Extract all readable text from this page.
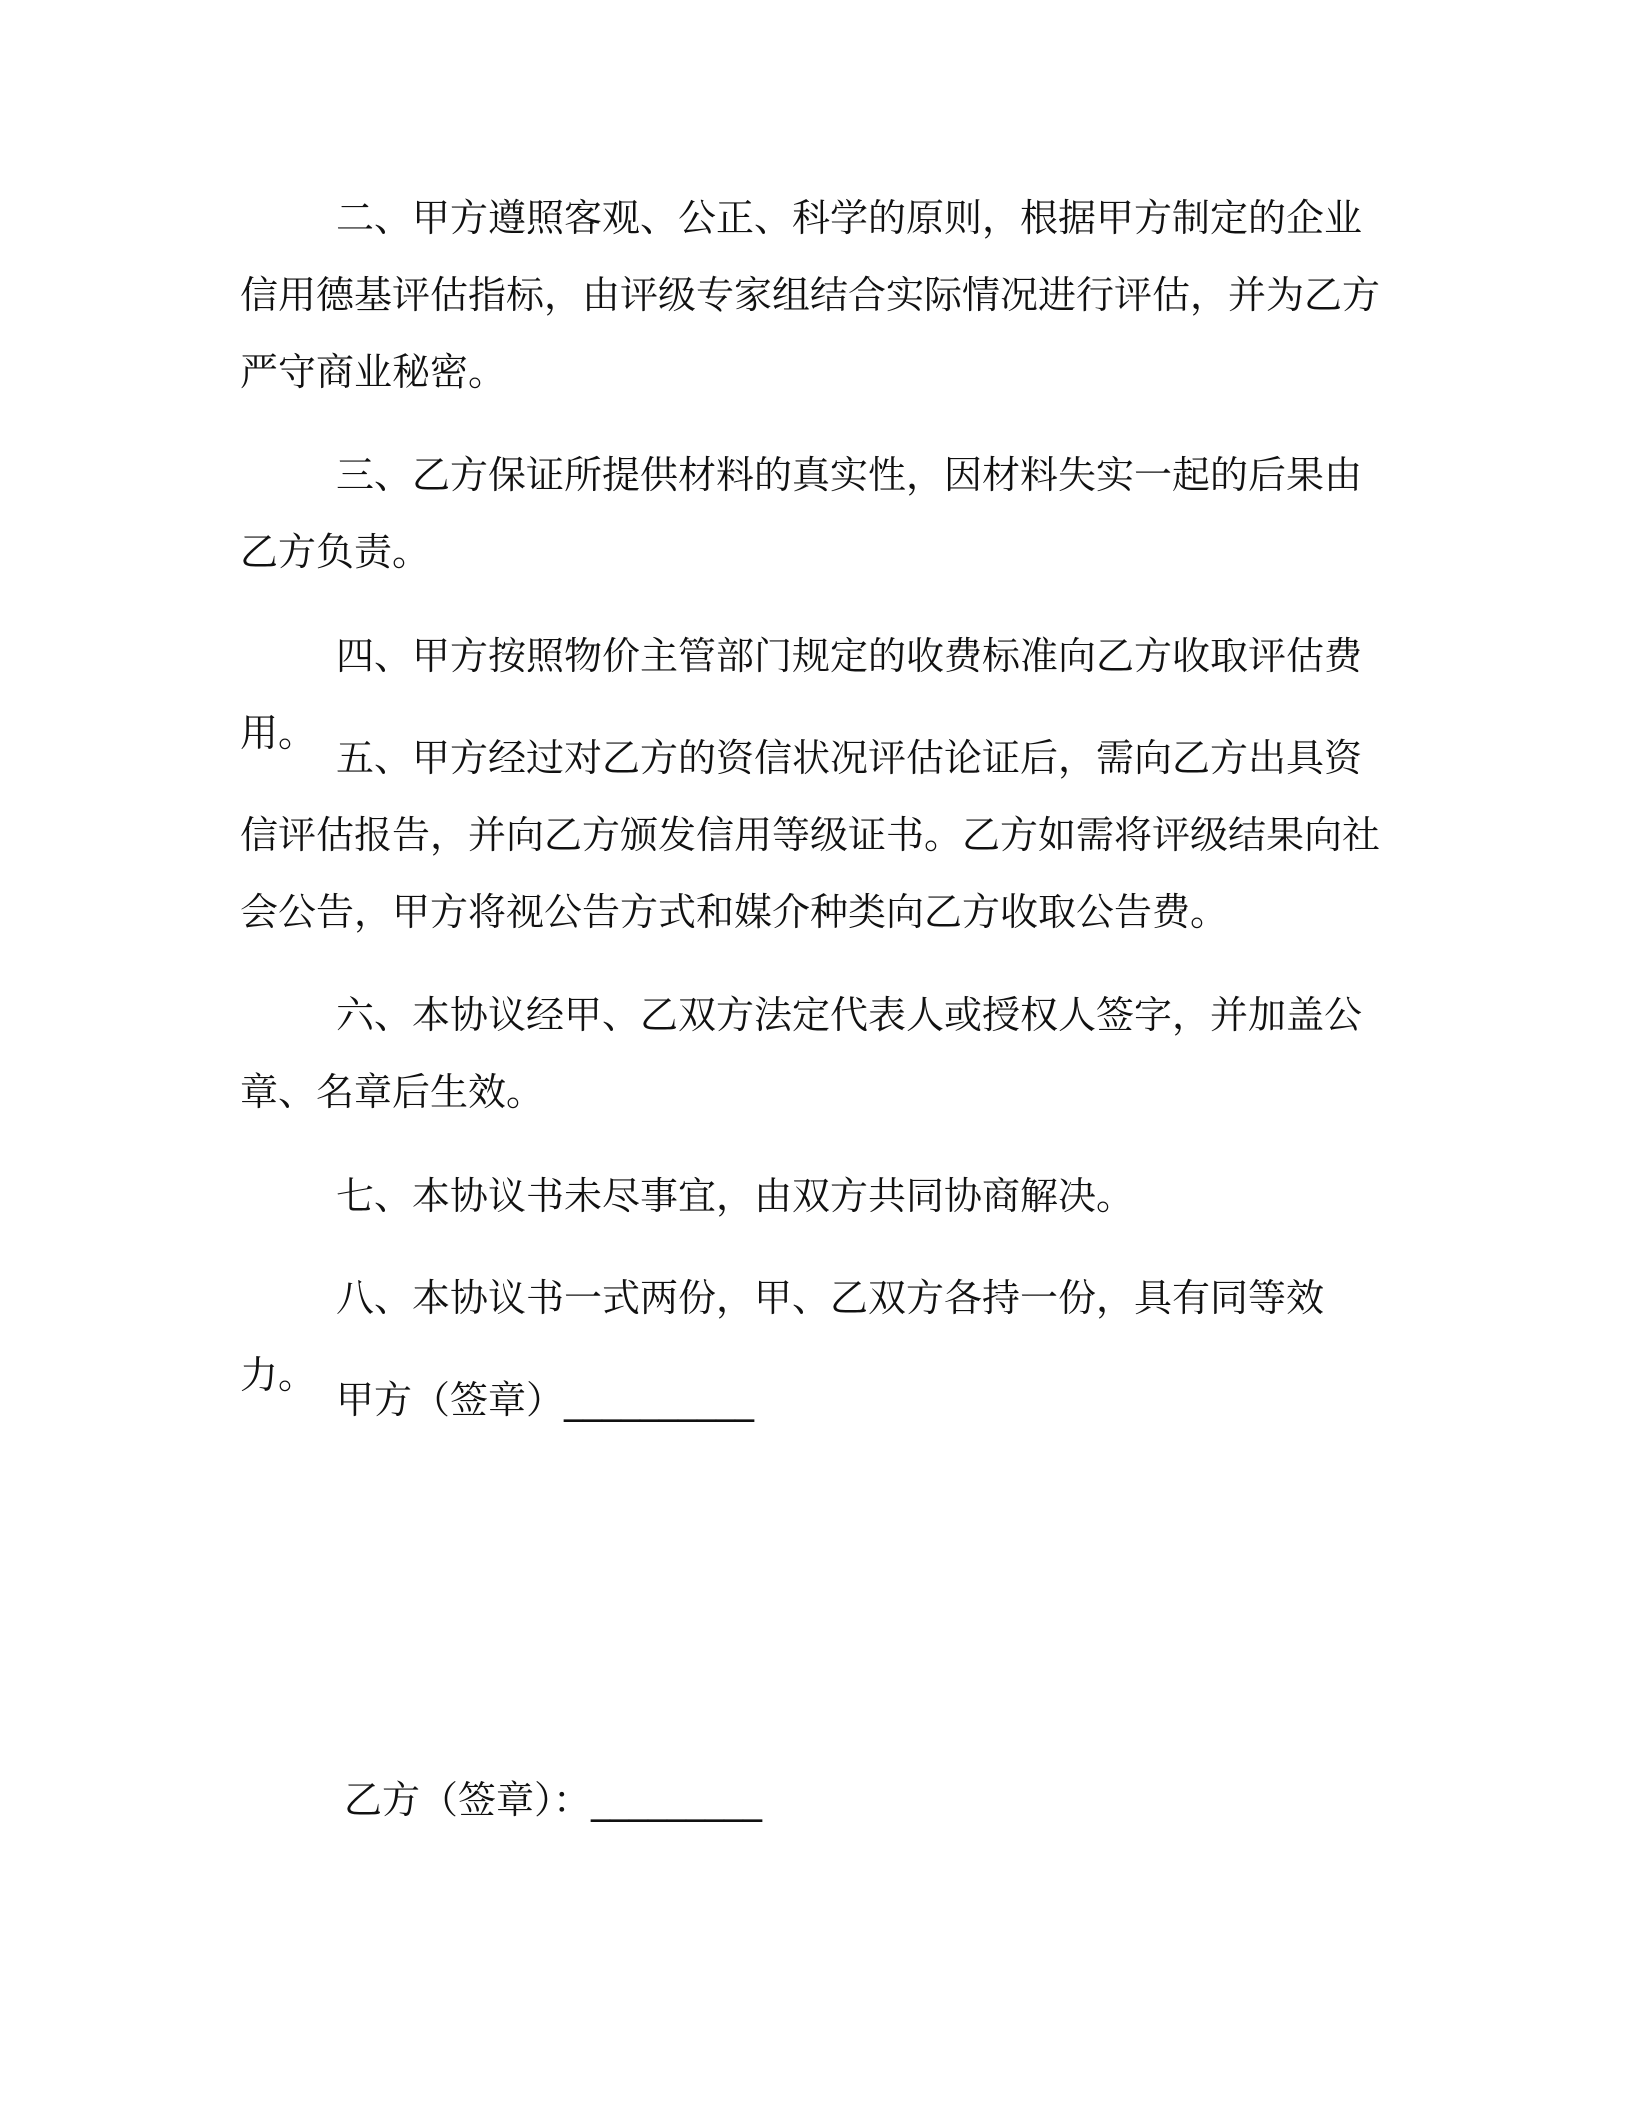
二、甲方遵照客观、公正、科学的原则，根据甲方制定的企业信用德基评估指标，由评级专家组结合实际情况进行评估，并为乙方严守商业秘密。

三、乙方保证所提供材料的真实性，因材料失实一起的后果由乙方负责。

四、甲方按照物价主管部门规定的收费标准向乙方收取评估费用。

五、甲方经过对乙方的资信状况评估论证后，需向乙方出具资信评估报告，并向乙方颁发信用等级证书。乙方如需将评级结果向社会公告，甲方将视公告方式和媒介种类向乙方收取公告费。

六、本协议经甲、乙双方法定代表人或授权人签字，并加盖公章、名章后生效。

七、本协议书未尽事宜，由双方共同协商解决。

八、本协议书一式两份，甲、乙双方各持一份，具有同等效力。

甲方（签章）__________
乙方（签章）：_________
